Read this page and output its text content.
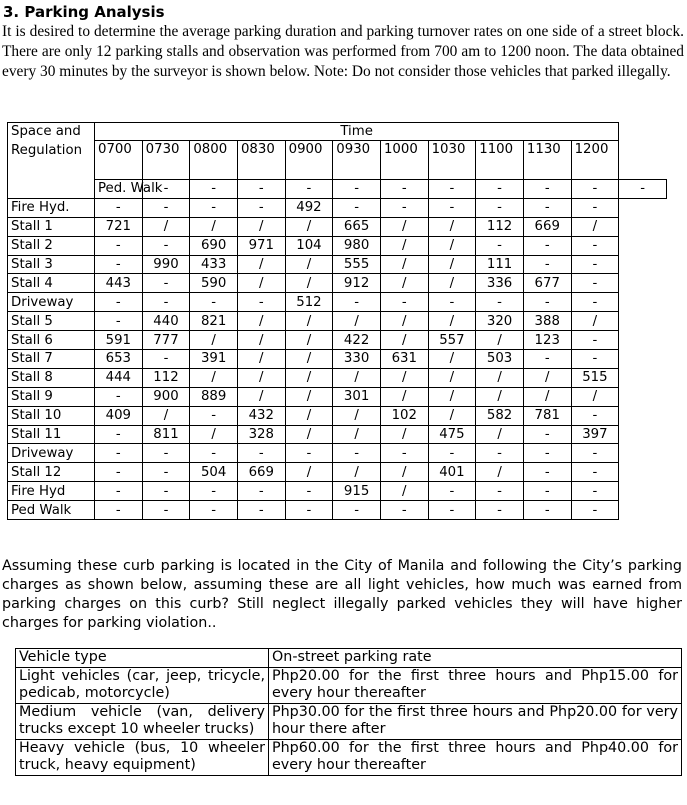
3. Parking Analysis
It is desired to determine the average parking duration and parking turnover rates on one side of a street block. There are only 12 parking stalls and observation was performed from 700 am to 1200 noon. The data obtained every 30 minutes by the surveyor is shown below. Note: Do not consider those vehicles that parked illegally.
Space and Regulation	Time											
	0700	0730	0800	0830	0900	0930	1000	1030	1100	1130	1200	
	Ped. Walk	-	-	-	-	-	-	-	-	-	-	-
Fire Hyd.	-	-	-	-	492	-	-	-	-	-	-	
Stall 1	721	/	/	/	/	665	/	/	112	669	/	
Stall 2	-	-	690	971	104	980	/	/	-	-	-	
Stall 3	-	990	433	/	/	555	/	/	111	-	-	
Stall 4	443	-	590	/	/	912	/	/	336	677	-	
Driveway	-	-	-	-	512	-	-	-	-	-	-	
Stall 5	-	440	821	/	/	/	/	/	320	388	/	
Stall 6	591	777	/	/	/	422	/	557	/	123	-	
Stall 7	653	-	391	/	/	330	631	/	503	-	-	
Stall 8	444	112	/	/	/	/	/	/	/	/	515	
Stall 9	-	900	889	/	/	301	/	/	/	/	/	
Stall 10	409	/	-	432	/	/	102	/	582	781	-	
Stall 11	-	811	/	328	/	/	/	475	/	-	397	
Driveway	-	-	-	-	-	-	-	-	-	-	-	
Stall 12	-	-	504	669	/	/	/	401	/	-	-	
Fire Hyd	-	-	-	-	-	915	/	-	-	-	-	
Ped Walk	-	-	-	-	-	-	-	-	-	-	-	
Assuming these curb parking is located in the City of Manila and following the City’s parking charges as shown below, assuming these are all light vehicles, how much was earned from parking charges on this curb? Still neglect illegally parked vehicles they will have higher charges for parking violation..
Vehicle type	On-street parking rate
Light vehicles (car, jeep, tricycle, pedicab, motorcycle)	Php20.00 for the first three hours and Php15.00 for every hour thereafter
Medium vehicle (van, delivery trucks except 10 wheeler trucks)	Php30.00 for the first three hours and Php20.00 for very hour there after
Heavy vehicle (bus, 10 wheeler truck, heavy equipment)	Php60.00 for the first three hours and Php40.00 for every hour thereafter
